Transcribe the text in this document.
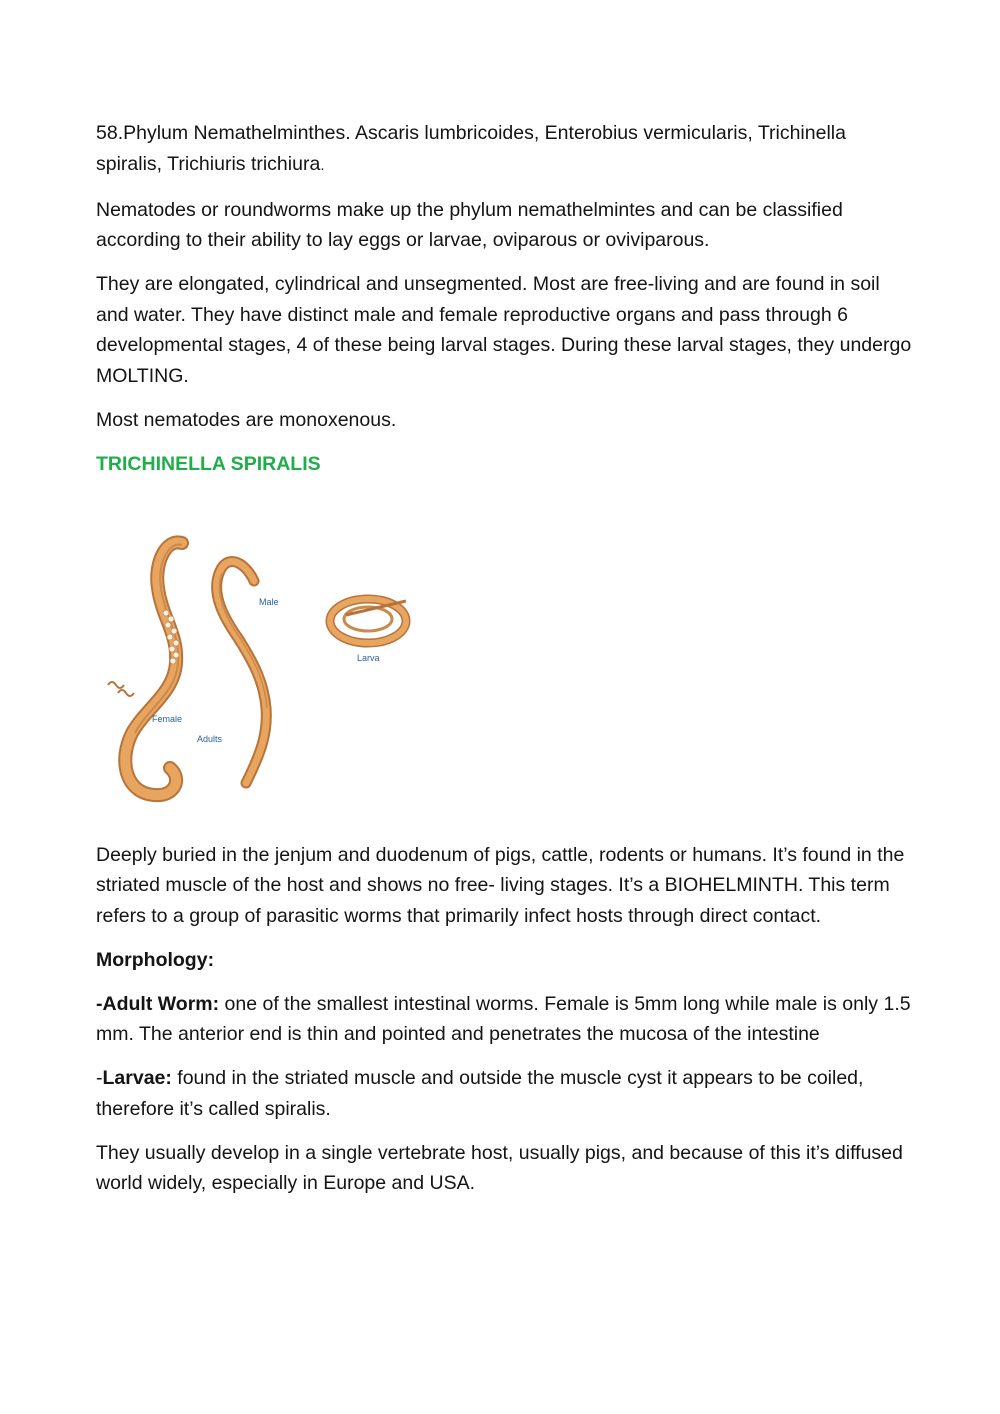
58.Phylum Nemathelminthes. Ascaris lumbricoides, Enterobius vermicularis, Trichinella spiralis, Trichiuris trichiura.

Nematodes or roundworms make up the phylum nemathelmintes and can be classified according to their ability to lay eggs or larvae, oviparous or oviviparous.

They are elongated, cylindrical and unsegmented. Most are free-living and are found in soil and water. They have distinct male and female reproductive organs and pass through 6 developmental stages, 4 of these being larval stages. During these larval stages, they undergo MOLTING.

Most nematodes are monoxenous.

TRICHINELLA SPIRALIS

Male
Larva
Female
Adults

Deeply buried in the jenjum and duodenum of pigs, cattle, rodents or humans. It’s found in the striated muscle of the host and shows no free- living stages. It’s a BIOHELMINTH. This term refers to a group of parasitic worms that primarily infect hosts through direct contact.

Morphology:

-Adult Worm: one of the smallest intestinal worms. Female is 5mm long while male is only 1.5 mm. The anterior end is thin and pointed and penetrates the mucosa of the intestine

-Larvae: found in the striated muscle and outside the muscle cyst it appears to be coiled, therefore it’s called spiralis.

They usually develop in a single vertebrate host, usually pigs, and because of this it’s diffused world widely, especially in Europe and USA.
